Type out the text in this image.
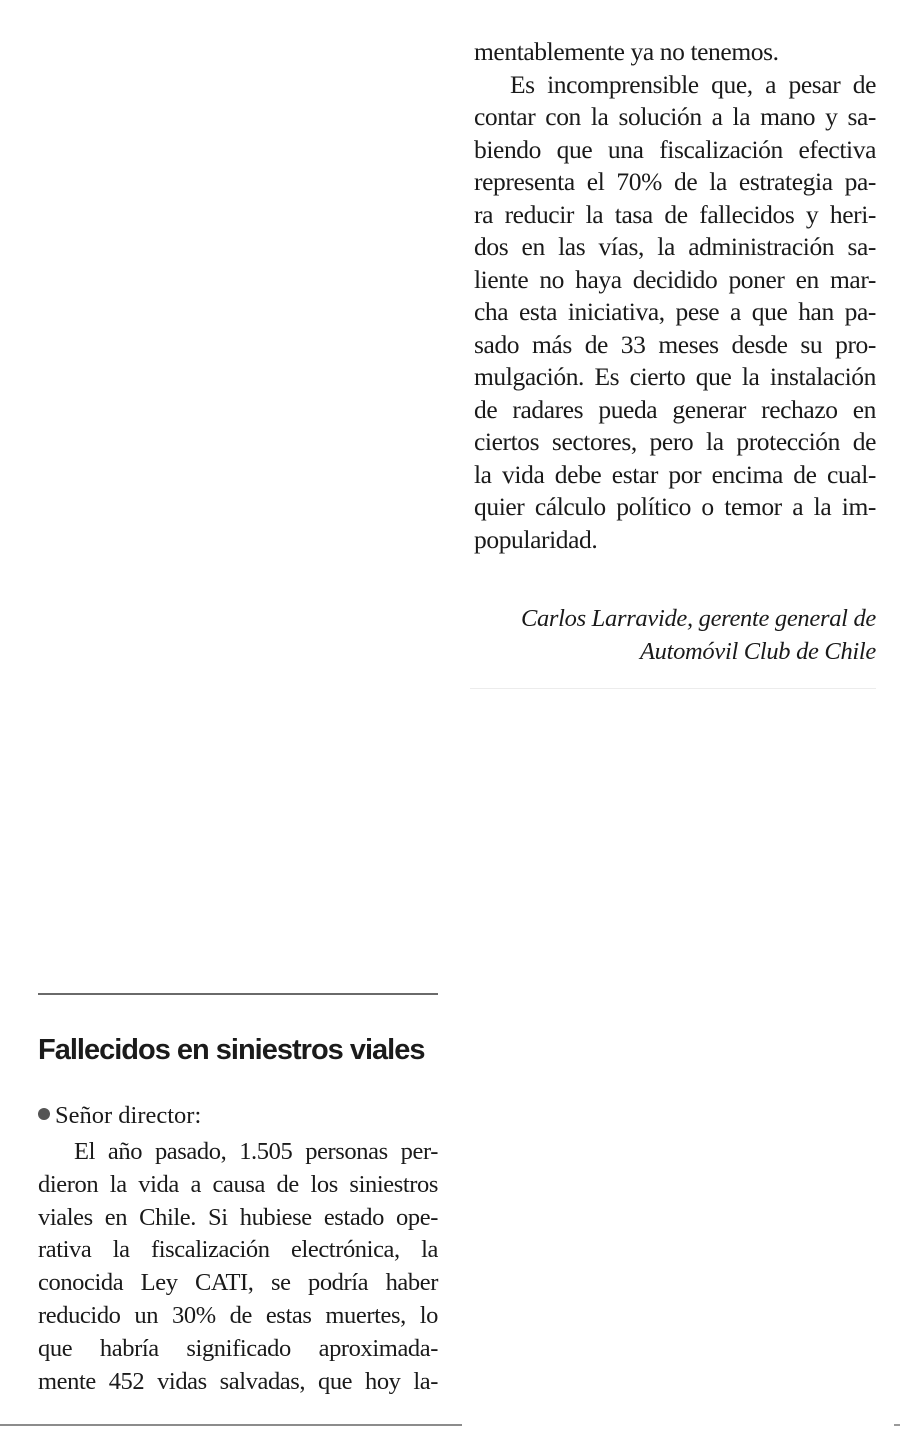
mentablemente ya no tenemos.
Es incomprensible que, a pesar de
contar con la solución a la mano y sa-
biendo que una fiscalización efectiva
representa el 70% de la estrategia pa-
ra reducir la tasa de fallecidos y heri-
dos en las vías, la administración sa-
liente no haya decidido poner en mar-
cha esta iniciativa, pese a que han pa-
sado más de 33 meses desde su pro-
mulgación. Es cierto que la instalación
de radares pueda generar rechazo en
ciertos sectores, pero la protección de
la vida debe estar por encima de cual-
quier cálculo político o temor a la im-
popularidad.
Carlos Larravide, gerente general de
Automóvil Club de Chile
Fallecidos en siniestros viales
Señor director:
El año pasado, 1.505 personas per-
dieron la vida a causa de los siniestros
viales en Chile. Si hubiese estado ope-
rativa la fiscalización electrónica, la
conocida Ley CATI, se podría haber
reducido un 30% de estas muertes, lo
que habría significado aproximada-
mente 452 vidas salvadas, que hoy la-
